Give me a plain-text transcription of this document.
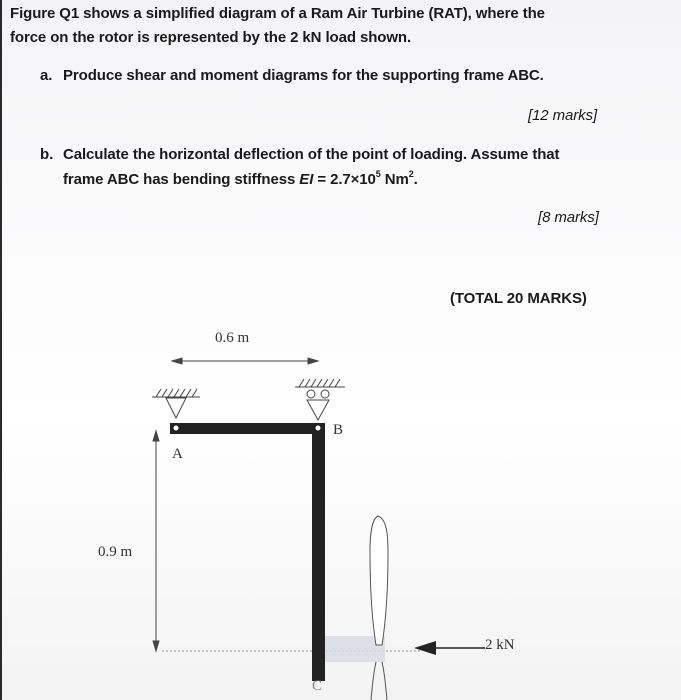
Figure Q1 shows a simplified diagram of a Ram Air Turbine (RAT), where the
force on the rotor is represented by the 2 kN load shown.
a. Produce shear and moment diagrams for the supporting frame ABC.
[12 marks]
b. Calculate the horizontal deflection of the point of loading. Assume that
frame ABC has bending stiffness EI = $2.7\times 10^5$ Nm$^2$.
[8 marks]
(TOTAL 20 MARKS)
0.6 m
0.9 m
A
B
C
2 kN
